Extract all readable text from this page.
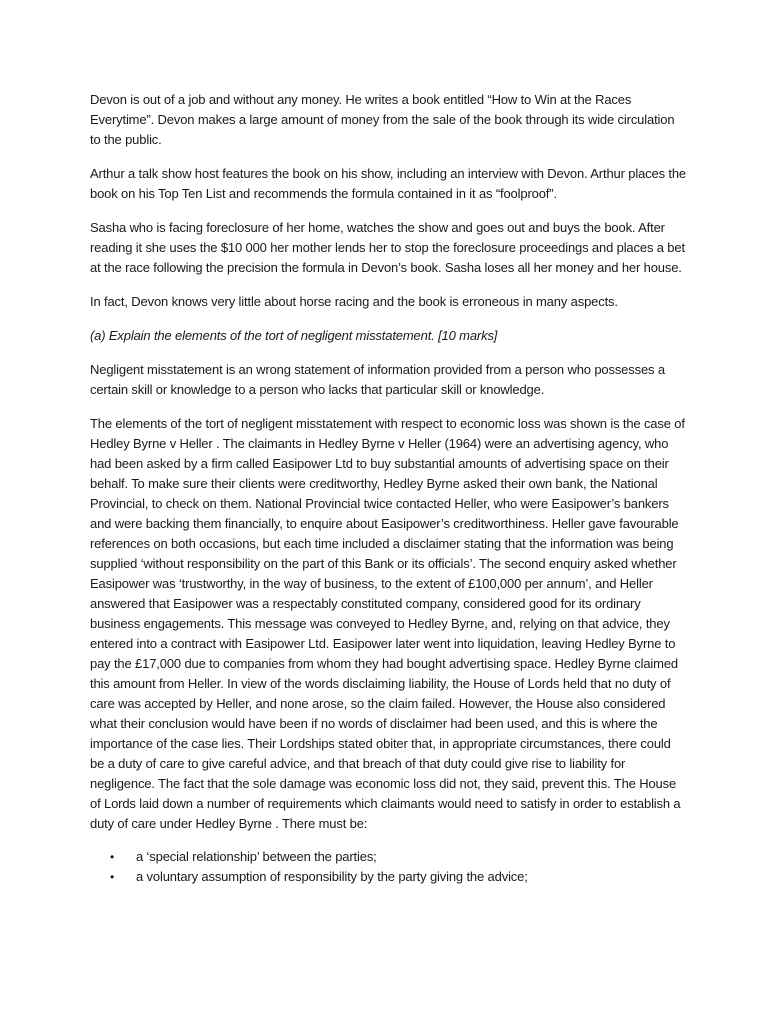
Devon is out of a job and without any money. He writes a book entitled “How to Win at the Races Everytime”. Devon makes a large amount of money from the sale of the book through its wide circulation to the public.

Arthur a talk show host features the book on his show, including an interview with Devon. Arthur places the book on his Top Ten List and recommends the formula contained in it as “foolproof”.

Sasha who is facing foreclosure of her home, watches the show and goes out and buys the book. After reading it she uses the $10 000 her mother lends her to stop the foreclosure proceedings and places a bet at the race following the precision the formula in Devon’s book. Sasha loses all her money and her house.

In fact, Devon knows very little about horse racing and the book is erroneous in many aspects.

(a) Explain the elements of the tort of negligent misstatement. [10 marks]

Negligent misstatement is an wrong statement of information provided from a person who possesses a certain skill or knowledge to a person who lacks that particular skill or knowledge.

The elements of the tort of negligent misstatement with respect to economic loss was shown is the case of Hedley Byrne v Heller . The claimants in Hedley Byrne v Heller (1964) were an advertising agency, who had been asked by a firm called Easipower Ltd to buy substantial amounts of advertising space on their behalf. To make sure their clients were creditworthy, Hedley Byrne asked their own bank, the National Provincial, to check on them. National Provincial twice contacted Heller, who were Easipower’s bankers and were backing them financially, to enquire about Easipower’s creditworthiness. Heller gave favourable references on both occasions, but each time included a disclaimer stating that the information was being supplied ‘without responsibility on the part of this Bank or its officials’. The second enquiry asked whether Easipower was ‘trustworthy, in the way of business, to the extent of £100,000 per annum’, and Heller answered that Easipower was a respectably constituted company, considered good for its ordinary business engagements. This message was conveyed to Hedley Byrne, and, relying on that advice, they entered into a contract with Easipower Ltd. Easipower later went into liquidation, leaving Hedley Byrne to pay the £17,000 due to companies from whom they had bought advertising space. Hedley Byrne claimed this amount from Heller. In view of the words disclaiming liability, the House of Lords held that no duty of care was accepted by Heller, and none arose, so the claim failed. However, the House also considered what their conclusion would have been if no words of disclaimer had been used, and this is where the importance of the case lies. Their Lordships stated obiter that, in appropriate circumstances, there could be a duty of care to give careful advice, and that breach of that duty could give rise to liability for negligence. The fact that the sole damage was economic loss did not, they said, prevent this. The House of Lords laid down a number of requirements which claimants would need to satisfy in order to establish a duty of care under Hedley Byrne . There must be:

• a ‘special relationship’ between the parties;
• a voluntary assumption of responsibility by the party giving the advice;
